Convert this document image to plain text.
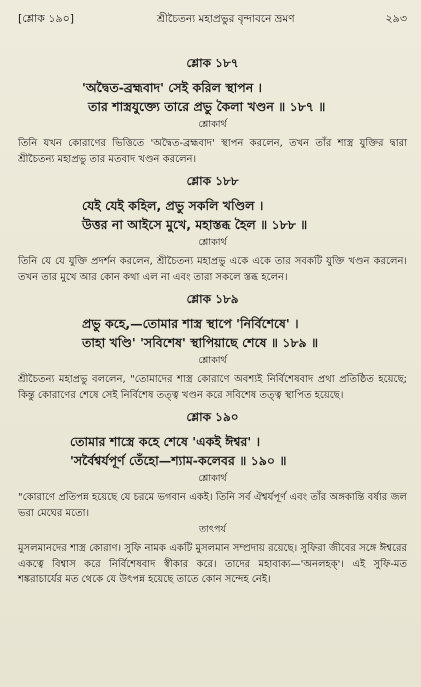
[শ্লোক ১৯০]	শ্রীচৈতন্য মহাপ্রভুর বৃন্দাবনে ভ্রমণ	২৯৩
শ্লোক ১৮৭
'অদ্বৈত-ব্রহ্মবাদ' সেই করিল স্থাপন ।
তার শাস্ত্রযুক্ত্যে তারে প্রভু কৈলা খণ্ডন ॥ ১৮৭ ॥
শ্লোকার্থ
তিনি যখন কোরাণের ভিত্তিতে 'অদ্বৈত-ব্রহ্মবাদ' স্থাপন করলেন, তখন তাঁর শাস্ত্র যুক্তির দ্বারা শ্রীচৈতন্য মহাপ্রভু তার মতবাদ খণ্ডন করলেন।
শ্লোক ১৮৮
যেই যেই কহিল, প্রভু সকলি খণ্ডিল ।
উত্তর না আইসে মুখে, মহাস্তব্ধ হৈল ॥ ১৮৮ ॥
শ্লোকার্থ
তিনি যে যে যুক্তি প্রদর্শন করলেন, শ্রীচৈতন্য মহাপ্রভু একে একে তার সবকটি যুক্তি খণ্ডন করলেন। তখন তার মুখে আর কোন কথা এল না এবং তারা সকলে স্তব্ধ হলেন।
শ্লোক ১৮৯
প্রভু কহে,—তোমার শাস্ত্র স্থাপে 'নির্বিশেষে' ।
তাহা খণ্ডি' 'সবিশেষ' স্থাপিয়াছে শেষে ॥ ১৮৯ ॥
শ্লোকার্থ
শ্রীচৈতন্য মহাপ্রভু বললেন, "তোমাদের শাস্ত্র কোরাণে অবশ্যই নির্বিশেষবাদ প্রথা প্রতিষ্ঠিত হয়েছে; কিন্তু কোরাণের শেষে সেই নির্বিশেষ তত্ত্ব খণ্ডন করে সবিশেষ তত্ত্ব স্থাপিত হয়েছে।
শ্লোক ১৯০
তোমার শাস্ত্রে কহে শেষে 'একই ঈশ্বর' ।
'সর্বৈশ্বর্যপূর্ণ তেঁহো—শ্যাম-কলেবর ॥ ১৯০ ॥
শ্লোকার্থ
"কোরাণে প্রতিপন্ন হয়েছে যে চরমে ভগবান একই। তিনি সর্ব ঐশ্বর্যপূর্ণ এবং তাঁর অঙ্গকান্তি বর্ষার জল ভরা মেঘের মতো।
তাৎপর্য
মুসলমানদের শাস্ত্র কোরাণ। সুফি নামক একটি মুসলমান সম্প্রদায় রয়েছে। সুফিরা জীবের সঙ্গে ঈশ্বরের একত্বে বিশ্বাস করে নির্বিশেষবাদ স্বীকার করে। তাদের মহাবাক্য—'অনলহক্'। এই সুফি-মত শঙ্করাচার্যের মত থেকে যে উৎপন্ন হয়েছে তাতে কোন সন্দেহ নেই।
